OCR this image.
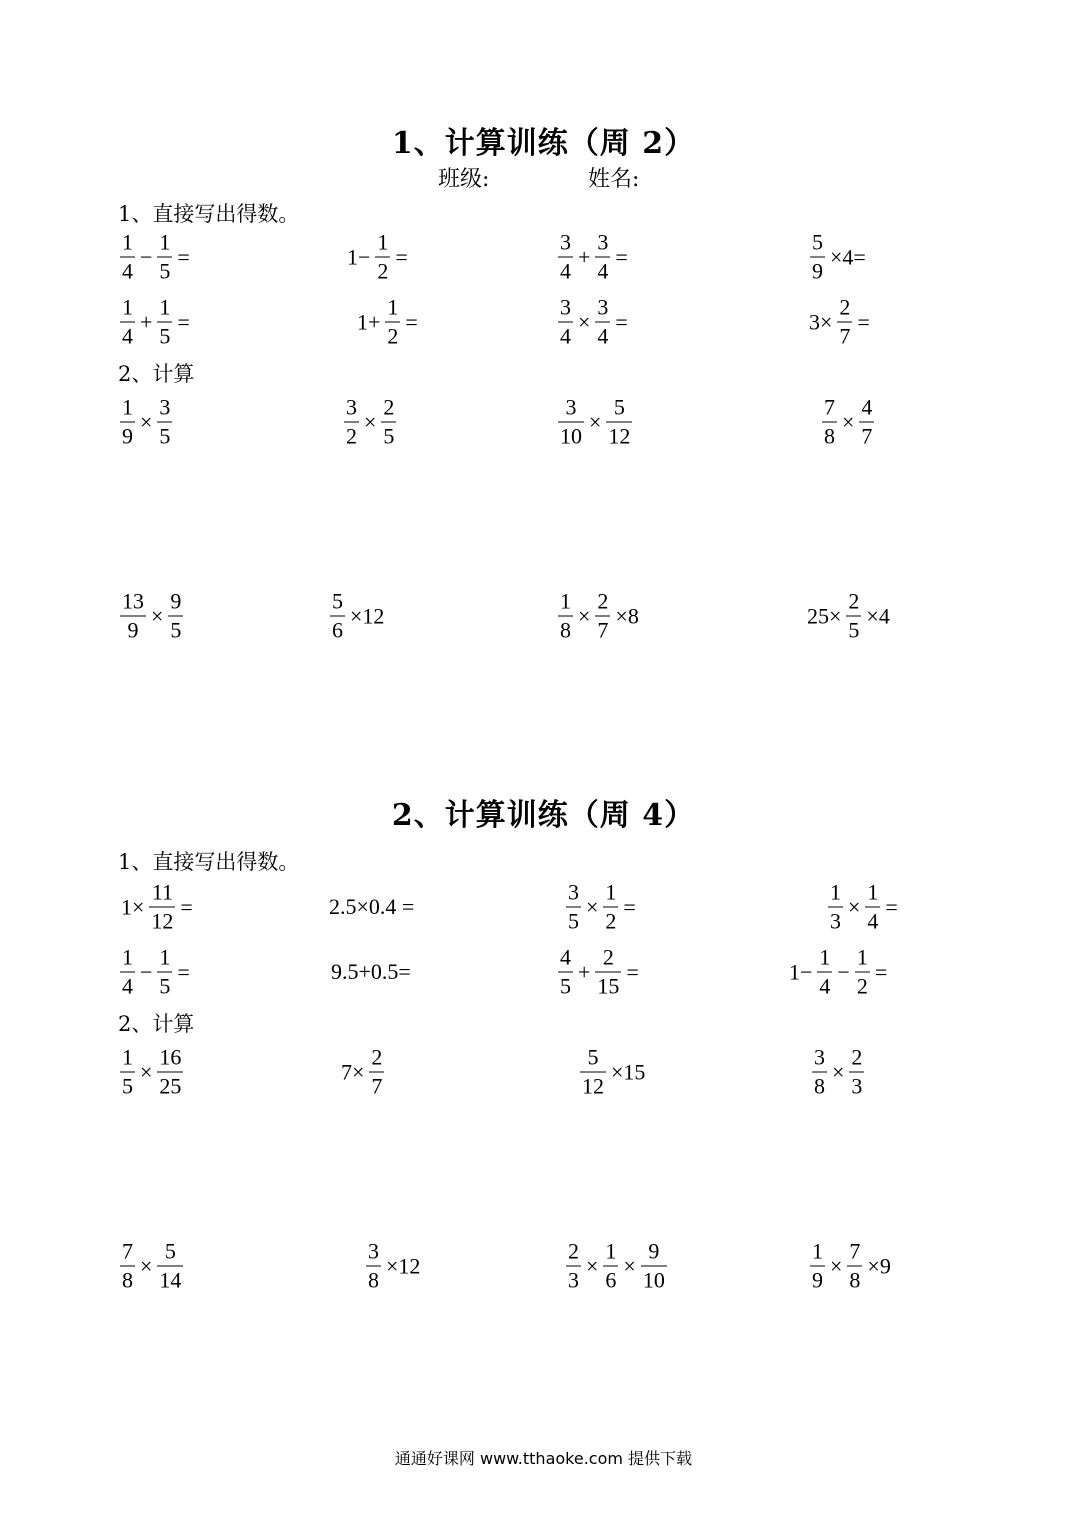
1、计算训练（周 2）
班级:	姓名:
1、直接写出得数。
$\frac{1}{4} - \frac{1}{5}$ =	$1- \frac{1}{2}$ =	$\frac{3}{4} + \frac{3}{4}$ =	$\frac{5}{9} \times 4=$
$\frac{1}{4} + \frac{1}{5}$ =	$1+ \frac{1}{2}$ =	$\frac{3}{4} \times \frac{3}{4}$ =	$3\times \frac{2}{7}$ =
2、计算
$\frac{1}{9} \times \frac{3}{5}$	$\frac{3}{2} \times \frac{2}{5}$	$\frac{3}{10} \times \frac{5}{12}$	$\frac{7}{8} \times \frac{4}{7}$
$\frac{13}{9} \times \frac{9}{5}$	$\frac{5}{6} \times 12$	$\frac{1}{8} \times \frac{2}{7} \times 8$	$25\times \frac{2}{5} \times 4$
2、计算训练（周 4）
1、直接写出得数。
$1\times \frac{11}{12}$ =	2.5×0.4 =	$\frac{3}{5} \times \frac{1}{2}$ =	$\frac{1}{3} \times \frac{1}{4}$ =
$\frac{1}{4} - \frac{1}{5}$ =	9.5+0.5=	$\frac{4}{5} + \frac{2}{15}$ =	$1- \frac{1}{4} - \frac{1}{2}$ =
2、计算
$\frac{1}{5} \times \frac{16}{25}$	$7\times \frac{2}{7}$	$\frac{5}{12} \times 15$	$\frac{3}{8} \times \frac{2}{3}$
$\frac{7}{8} \times \frac{5}{14}$	$\frac{3}{8} \times 12$	$\frac{2}{3} \times \frac{1}{6} \times \frac{9}{10}$	$\frac{1}{9} \times \frac{7}{8} \times 9$
通通好课网 www.tthaoke.com 提供下载
